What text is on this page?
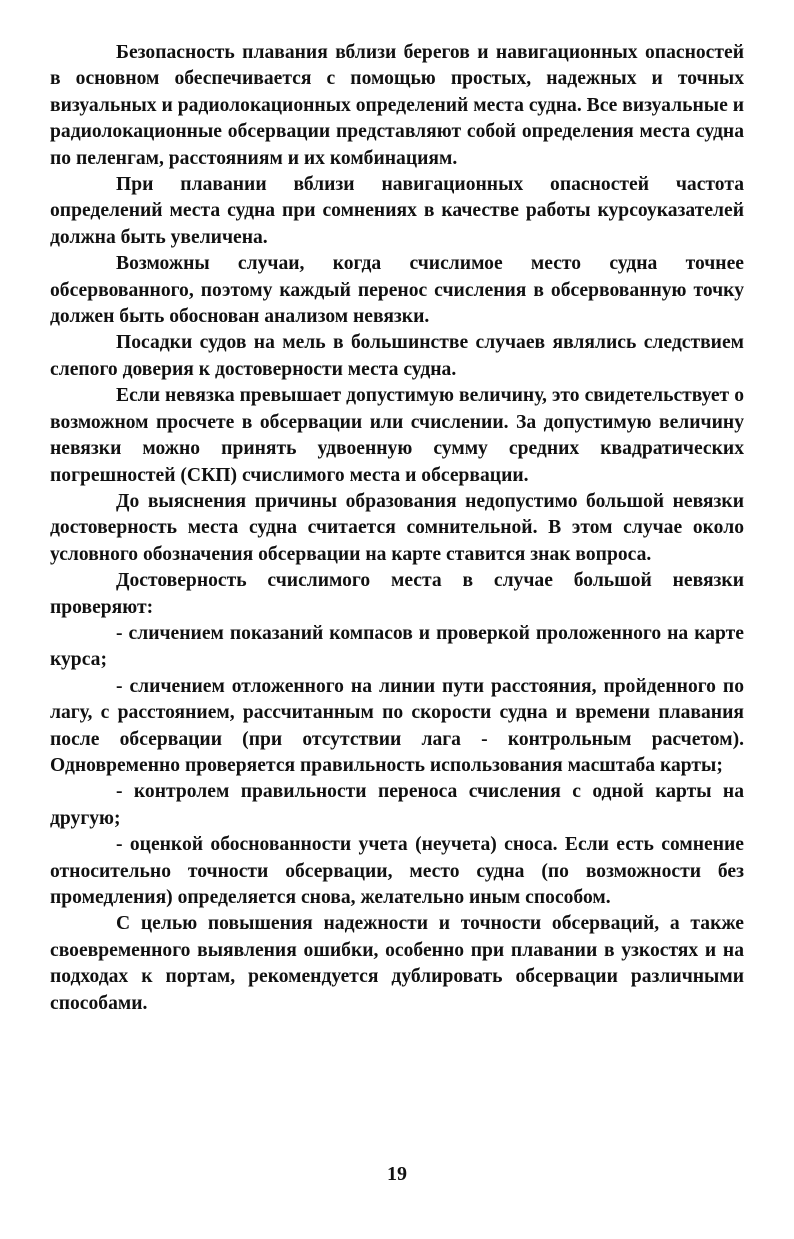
Безопасность плавания вблизи берегов и навигационных опасностей в основном обеспечивается с помощью простых, надежных и точных визуальных и радиолокационных определений места судна. Все визуальные и радиолокационные обсервации представляют собой определения места судна по пеленгам, расстояниям и их комбинациям.

При плавании вблизи навигационных опасностей частота определений места судна при сомнениях в качестве работы курсоуказателей должна быть увеличена.

Возможны случаи, когда счислимое место судна точнее обсервованного, поэтому каждый перенос счисления в обсервованную точку должен быть обоснован анализом невязки.

Посадки судов на мель в большинстве случаев являлись следствием слепого доверия к достоверности места судна.

Если невязка превышает допустимую величину, это свидетельствует о возможном просчете в обсервации или счислении. За допустимую величину невязки можно принять удвоенную сумму средних квадратических погрешностей (СКП) счислимого места и обсервации.

До выяснения причины образования недопустимо большой невязки достоверность места судна считается сомнительной. В этом случае около условного обозначения обсервации на карте ставится знак вопроса.

Достоверность счислимого места в случае большой невязки проверяют:

- сличением показаний компасов и проверкой проложенного на карте курса;

- сличением отложенного на линии пути расстояния, пройденного по лагу, с расстоянием, рассчитанным по скорости судна и времени плавания после обсервации (при отсутствии лага - контрольным расчетом). Одновременно проверяется правильность использования масштаба карты;

- контролем правильности переноса счисления с одной карты на другую;

- оценкой обоснованности учета (неучета) сноса. Если есть сомнение относительно точности обсервации, место судна (по возможности без промедления) определяется снова, желательно иным способом.

С целью повышения надежности и точности обсерваций, а также своевременного выявления ошибки, особенно при плавании в узкостях и на подходах к портам, рекомендуется дублировать обсервации различными способами.

19
